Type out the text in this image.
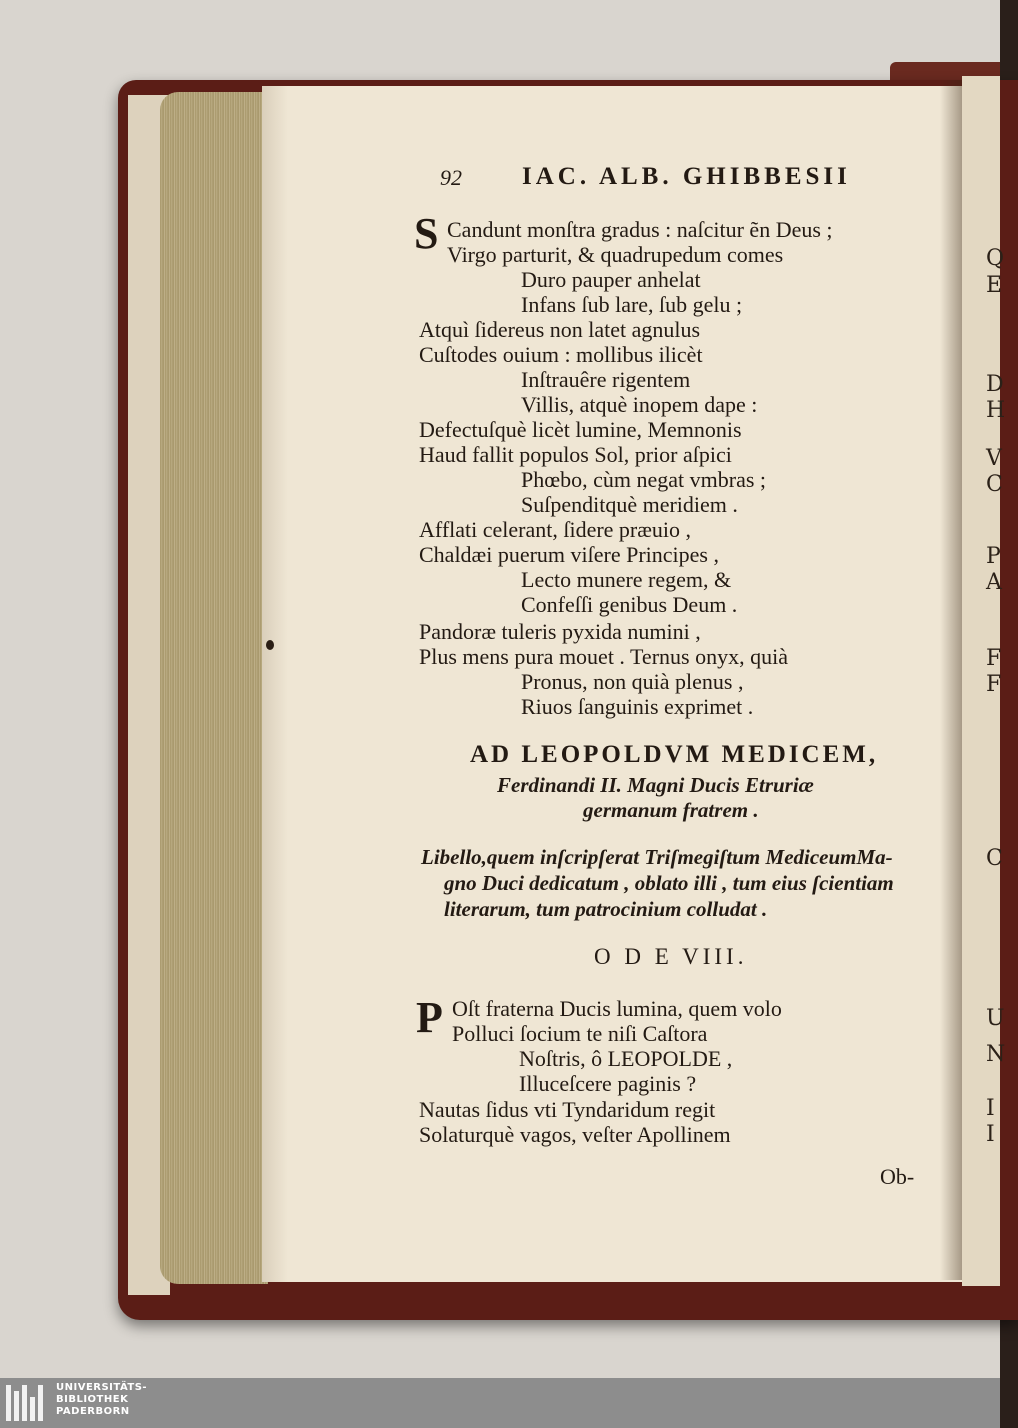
Q
E
D
H
V
C
P
A
F
F
C
U
N
I
I
92 IAC. ALB. GHIBBESII
S Candunt monſtra gradus : naſcitur ẽn Deus ;
Virgo parturit, & quadrupedum comes
Duro pauper anhelat
Infans ſub lare, ſub gelu ;
Atquì ſidereus non latet agnulus
Cuſtodes ouium : mollibus ilicèt
Inſtrauêre rigentem
Villis, atquè inopem dape :
Defectuſquè licèt lumine, Memnonis
Haud fallit populos Sol, prior aſpici
Phœbo, cùm negat vmbras ;
Suſpenditquè meridiem .
Afflati celerant, ſidere præuio ,
Chaldæi puerum viſere Principes ,
Lecto munere regem, &
Confeſſi genibus Deum .
Pandoræ tuleris pyxida numini ,
Plus mens pura mouet . Ternus onyx, quià
Pronus, non quià plenus ,
Riuos ſanguinis exprimet .
AD LEOPOLDVM MEDICEM,
Ferdinandi II. Magni Ducis Etruriæ
germanum fratrem .
Libello,quem inſcripſerat Triſmegiſtum MediceumMa-
gno Duci dedicatum , oblato illi , tum eius ſcientiam
literarum, tum patrocinium colludat .
O D E VIII.
P Oſt fraterna Ducis lumina, quem volo
Polluci ſocium te niſi Caſtora
Noſtris, ô LEOPOLDE ,
Illuceſcere paginis ?
Nautas ſidus vti Tyndaridum regit
Solaturquè vagos, veſter Apollinem
Ob-
UNIVERSITÄTS-
BIBLIOTHEK
PADERBORN
